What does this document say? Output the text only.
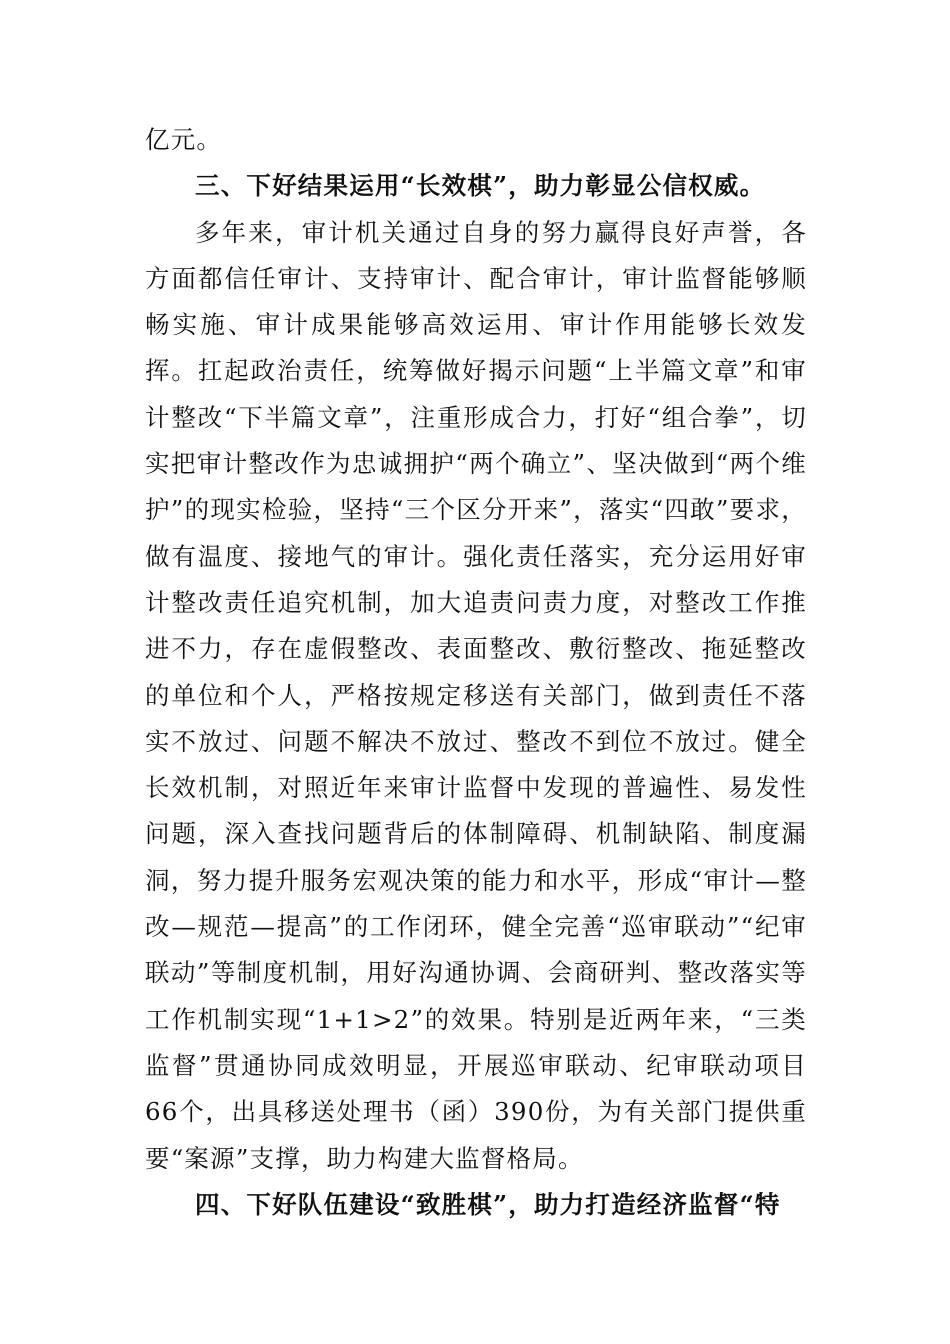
亿元。

三、下好结果运用“长效棋”，助力彰显公信权威。

多年来，审计机关通过自身的努力赢得良好声誉，各方面都信任审计、支持审计、配合审计，审计监督能够顺畅实施、审计成果能够高效运用、审计作用能够长效发挥。扛起政治责任，统筹做好揭示问题“上半篇文章”和审计整改“下半篇文章”，注重形成合力，打好“组合拳”，切实把审计整改作为忠诚拥护“两个确立”、坚决做到“两个维护”的现实检验，坚持“三个区分开来”，落实“四敢”要求，做有温度、接地气的审计。强化责任落实，充分运用好审计整改责任追究机制，加大追责问责力度，对整改工作推进不力，存在虚假整改、表面整改、敷衍整改、拖延整改的单位和个人，严格按规定移送有关部门，做到责任不落实不放过、问题不解决不放过、整改不到位不放过。健全长效机制，对照近年来审计监督中发现的普遍性、易发性问题，深入查找问题背后的体制障碍、机制缺陷、制度漏洞，努力提升服务宏观决策的能力和水平，形成“审计—整改—规范—提高”的工作闭环，健全完善“巡审联动”“纪审联动”等制度机制，用好沟通协调、会商研判、整改落实等工作机制实现“1+1>2”的效果。特别是近两年来，“三类监督”贯通协同成效明显，开展巡审联动、纪审联动项目66个，出具移送处理书（函）390份，为有关部门提供重要“案源”支撑，助力构建大监督格局。

四、下好队伍建设“致胜棋”，助力打造经济监督“特
